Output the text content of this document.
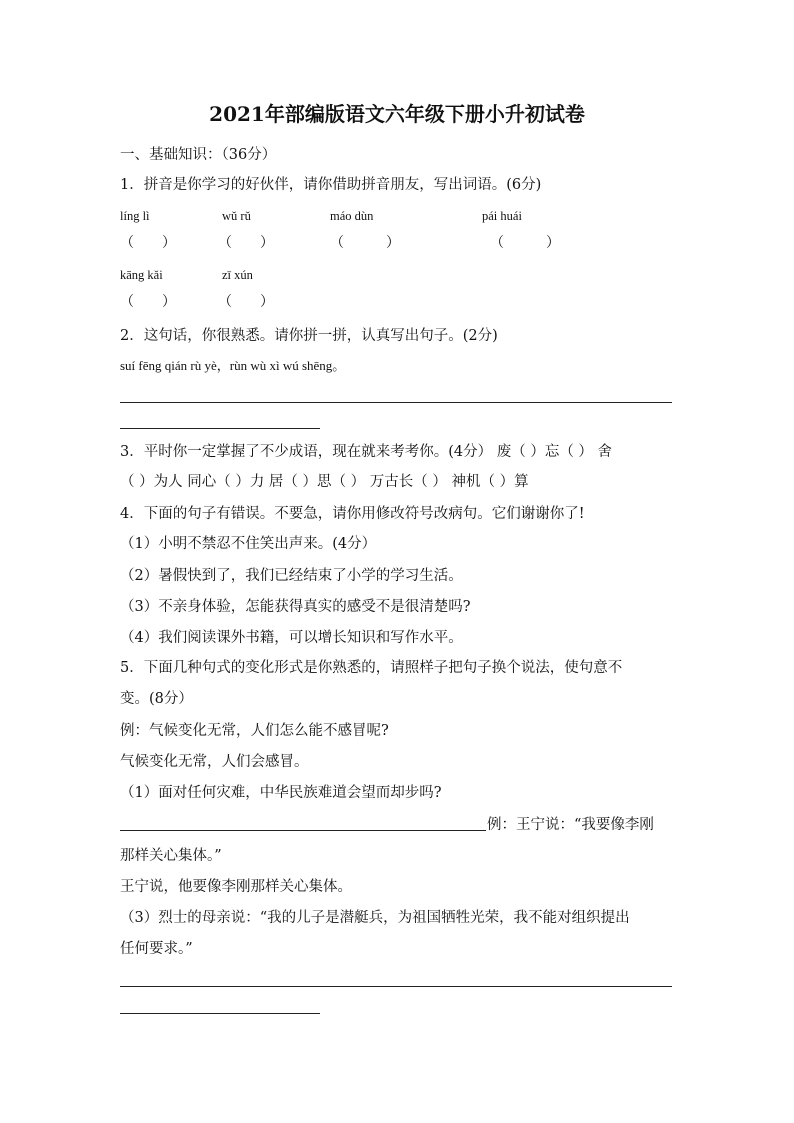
2021年部编版语文六年级下册小升初试卷
一、基础知识：（36分）
1．拼音是你学习的好伙伴，请你借助拼音朋友，写出词语。(6分)
líng lì	wǔ rǔ	máo dùn	pái huái
（　　）	（　　）	（　　　）	（　　　）
kāng kǎi	zī xún
（　　）	（　　）
2．这句话，你很熟悉。请你拼一拼，认真写出句子。(2分)
suí fēng qián rù yè，rùn wù xì wú shēng。
3．平时你一定掌握了不少成语，现在就来考考你。(4分） 废（ ）忘（ ） 舍
（ ）为人 同心（ ）力 居（ ）思（ ） 万古长（ ） 神机（ ）算
4．下面的句子有错误。不要急，请你用修改符号改病句。它们谢谢你了!
（1）小明不禁忍不住笑出声来。(4分）
（2）暑假快到了，我们已经结束了小学的学习生活。
（3）不亲身体验，怎能获得真实的感受不是很清楚吗?
（4）我们阅读课外书籍，可以增长知识和写作水平。
5．下面几种句式的变化形式是你熟悉的，请照样子把句子换个说法，使句意不
变。(8分）
例：气候变化无常，人们怎么能不感冒呢?
气候变化无常，人们会感冒。
（1）面对任何灾难，中华民族难道会望而却步吗?
例：王宁说：“我要像李刚
那样关心集体。”
王宁说，他要像李刚那样关心集体。
（3）烈士的母亲说：“我的儿子是潜艇兵，为祖国牺牲光荣，我不能对组织提出
任何要求。”
